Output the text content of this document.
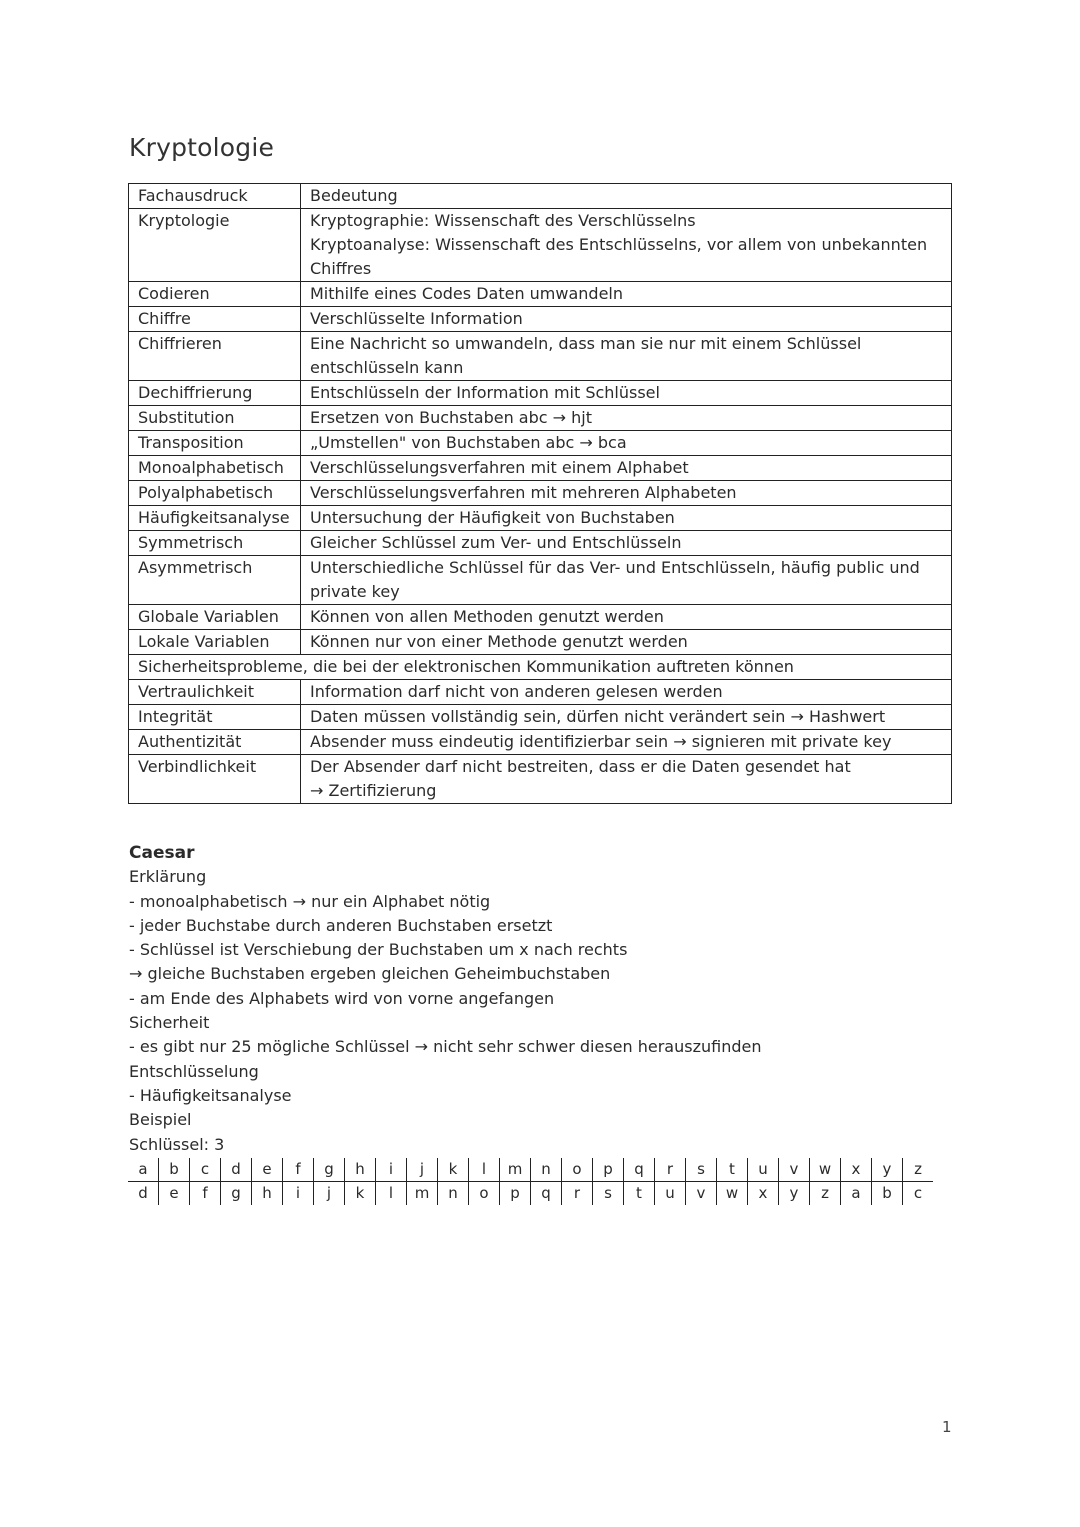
Kryptologie
Fachausdruck	Bedeutung
Kryptologie	Kryptographie: Wissenschaft des Verschlüsselns
Kryptoanalyse: Wissenschaft des Entschlüsselns, vor allem von unbekannten Chiffres
Codieren	Mithilfe eines Codes Daten umwandeln
Chiffre	Verschlüsselte Information
Chiffrieren	Eine Nachricht so umwandeln, dass man sie nur mit einem Schlüssel entschlüsseln kann
Dechiffrierung	Entschlüsseln der Information mit Schlüssel
Substitution	Ersetzen von Buchstaben abc → hjt
Transposition	„Umstellen" von Buchstaben abc → bca
Monoalphabetisch	Verschlüsselungsverfahren mit einem Alphabet
Polyalphabetisch	Verschlüsselungsverfahren mit mehreren Alphabeten
Häufigkeitsanalyse	Untersuchung der Häufigkeit von Buchstaben
Symmetrisch	Gleicher Schlüssel zum Ver- und Entschlüsseln
Asymmetrisch	Unterschiedliche Schlüssel für das Ver- und Entschlüsseln, häufig public und private key
Globale Variablen	Können von allen Methoden genutzt werden
Lokale Variablen	Können nur von einer Methode genutzt werden
Sicherheitsprobleme, die bei der elektronischen Kommunikation auftreten können	
Vertraulichkeit	Information darf nicht von anderen gelesen werden
Integrität	Daten müssen vollständig sein, dürfen nicht verändert sein → Hashwert
Authentizität	Absender muss eindeutig identifizierbar sein → signieren mit private key
Verbindlichkeit	Der Absender darf nicht bestreiten, dass er die Daten gesendet hat
→ Zertifizierung
Caesar
Erklärung
- monoalphabetisch → nur ein Alphabet nötig
- jeder Buchstabe durch anderen Buchstaben ersetzt
- Schlüssel ist Verschiebung der Buchstaben um x nach rechts
→ gleiche Buchstaben ergeben gleichen Geheimbuchstaben
- am Ende des Alphabets wird von vorne angefangen
Sicherheit
- es gibt nur 25 mögliche Schlüssel → nicht sehr schwer diesen herauszufinden
Entschlüsselung
- Häufigkeitsanalyse
Beispiel
Schlüssel: 3
a	b	c	d	e	f	g	h	i	j	k	l	m	n	o	p	q	r	s	t	u	v	w	x	y	z
d	e	f	g	h	i	j	k	l	m	n	o	p	q	r	s	t	u	v	w	x	y	z	a	b	c
1
